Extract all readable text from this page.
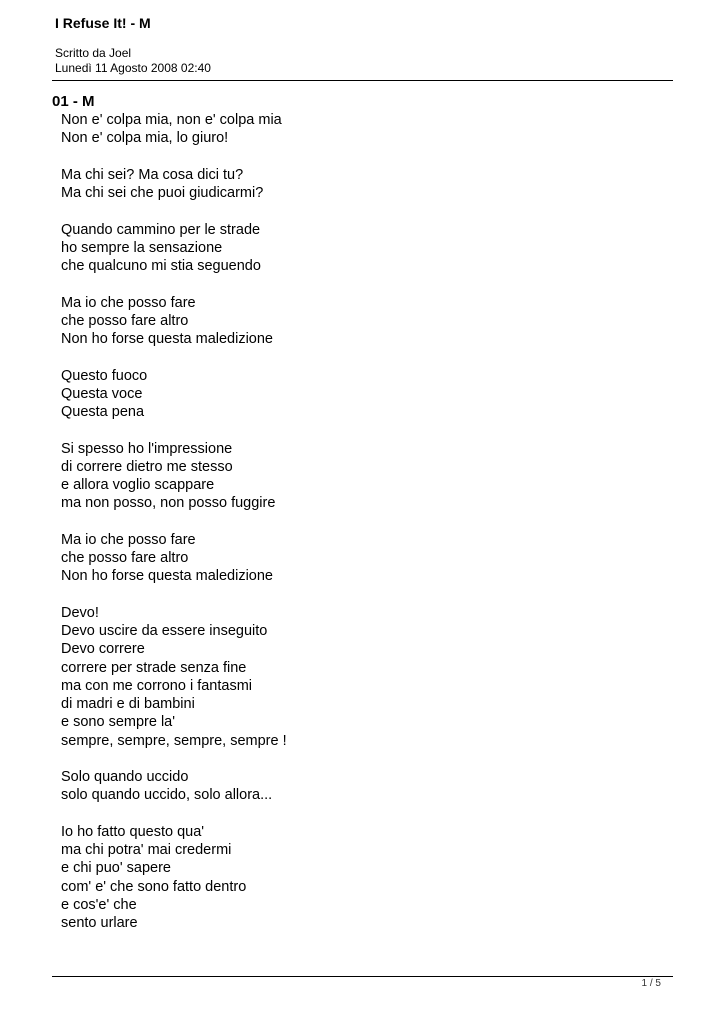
I Refuse It! - M
Scritto da Joel
Lunedì 11 Agosto 2008 02:40
01 - M
Non e' colpa mia, non e' colpa mia
Non e' colpa mia, lo giuro!
Ma chi sei? Ma cosa dici tu?
Ma chi sei che puoi giudicarmi?
Quando cammino per le strade
ho sempre la sensazione
che qualcuno mi stia seguendo
Ma io che posso fare
che posso fare altro
Non ho forse questa maledizione
Questo fuoco
Questa voce
Questa pena
Si spesso ho l'impressione
di correre dietro me stesso
e allora voglio scappare
ma non posso, non posso fuggire
Ma io che posso fare
che posso fare altro
Non ho forse questa maledizione
Devo!
Devo uscire da essere inseguito
Devo correre
correre per strade senza fine
ma con me corrono i fantasmi
di madri e di bambini
e sono sempre la'
sempre, sempre, sempre, sempre !
Solo quando uccido
solo quando uccido, solo allora...
Io ho fatto questo qua'
ma chi potra' mai credermi
e chi puo' sapere
com' e' che sono fatto dentro
e cos'e' che
sento urlare
1 / 5
